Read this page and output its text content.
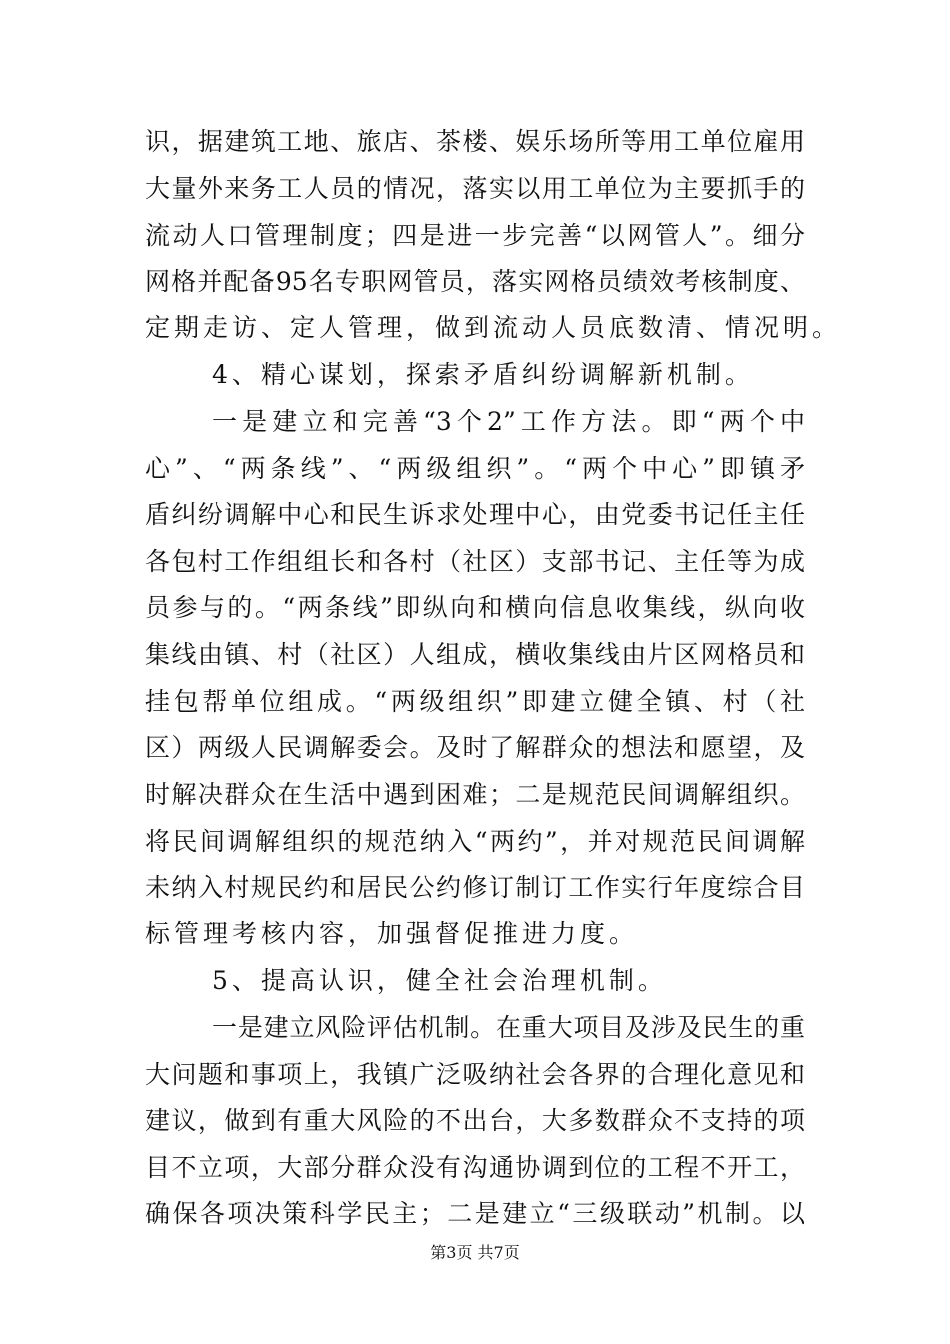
识，据建筑工地、旅店、茶楼、娱乐场所等用工单位雇用
大量外来务工人员的情况，落实以用工单位为主要抓手的
流动人口管理制度；四是进一步完善“以网管人”。细分
网格并配备95名专职网管员，落实网格员绩效考核制度、
定期走访、定人管理，做到流动人员底数清、情况明。
4、精心谋划，探索矛盾纠纷调解新机制。
一是建立和完善“3个2”工作方法。即“两个中
心”、“两条线”、“两级组织”。“两个中心”即镇矛
盾纠纷调解中心和民生诉求处理中心，由党委书记任主任
各包村工作组组长和各村（社区）支部书记、主任等为成
员参与的。“两条线”即纵向和横向信息收集线，纵向收
集线由镇、村（社区）人组成，横收集线由片区网格员和
挂包帮单位组成。“两级组织”即建立健全镇、村（社
区）两级人民调解委会。及时了解群众的想法和愿望，及
时解决群众在生活中遇到困难；二是规范民间调解组织。
将民间调解组织的规范纳入“两约”，并对规范民间调解
未纳入村规民约和居民公约修订制订工作实行年度综合目
标管理考核内容，加强督促推进力度。
5、提高认识，健全社会治理机制。
一是建立风险评估机制。在重大项目及涉及民生的重
大问题和事项上，我镇广泛吸纳社会各界的合理化意见和
建议，做到有重大风险的不出台，大多数群众不支持的项
目不立项，大部分群众没有沟通协调到位的工程不开工，
确保各项决策科学民主；二是建立“三级联动”机制。以
第3页 共7页
